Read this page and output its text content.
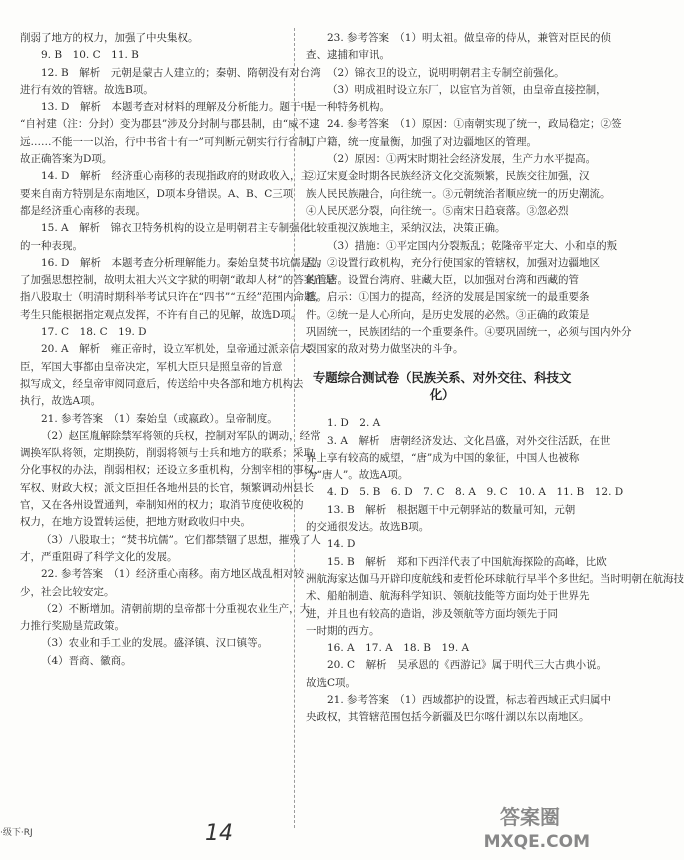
削弱了地方的权力，加强了中央集权。
9. B　10. C　11. B
12. B　解析　元朝是蒙古人建立的；秦朝、隋朝没有对台湾
进行有效的管辖。故选B项。
13. D　解析　本题考查对材料的理解及分析能力。题干中
“自衬建（注：分封）变为郡县”涉及分封制与郡县制，由“威不逮
远……不能一一以治，行中书省十有一”可判断元朝实行行省制，
故正确答案为D项。
14. D　解析　经济重心南移的表现指政府的财政收入，主
要来自南方特别是东南地区，D项本身错误。A、B、C三项
都是经济重心南移的表现。
15. A　解析　锦衣卫特务机构的设立是明朝君主专制强化
的一种表现。
16. D　解析　本题考查分析理解能力。秦始皇焚书坑儒是为
了加强思想控制，故明太祖大兴文字狱的明朝“敢却人材”的答案正是
指八股取士（明清时期科举考试只许在“四书”“五经”范围内命题，
考生只能根据指定观点发挥，不许有自己的见解，故选D项。
17. C　18. C　19. D
20. A　解析　雍正帝时，设立军机处，皇帝通过派亲信大
臣，军国大事都由皇帝决定，军机大臣只是照皇帝的旨意
拟写成文，经皇帝审阅同意后，传送给中央各部和地方机构去
执行，故选A项。
21. 参考答案　（1）秦始皇（或嬴政）。皇帝制度。
（2）赵匡胤解除禁军将领的兵权，控制对军队的调动，经常
调换军队将领，定期换防，削弱将领与士兵和地方的联系；采取
分化事权的办法，削弱相权；还设立多重机构，分割宰相的事权、
军权、财政大权；派文臣担任各地州县的长官，频繁调动州县长
官，又在各州设置通判，牵制知州的权力；取消节度使收税的
权力，在地方设置转运使，把地方财政收归中央。
（3）八股取士；“焚书坑儒”。它们都禁锢了思想，摧残了人
才，严重阻碍了科学文化的发展。
22. 参考答案　（1）经济重心南移。南方地区战乱相对较
少，社会比较安定。
（2）不断增加。清朝前期的皇帝都十分重视农业生产，大
力推行奖励垦荒政策。
（3）农业和手工业的发展。盛泽镇、汉口镇等。
（4）晋商、徽商。
23. 参考答案　（1）明太祖。做皇帝的侍从，兼管对臣民的侦
查、逮捕和审讯。
（2）锦衣卫的设立，说明明朝君主专制空前强化。
（3）明成祖时设立东厂，以宦官为首领，由皇帝直接控制，
是一种特务机构。
24. 参考答案　（1）原因：①南朝实现了统一，政局稳定；②签
订户籍，统一度量衡，加强了对边疆地区的管理。
（2）原因：①两宋时期社会经济发展，生产力水平提高。
②辽宋夏金时期各民族经济文化交流频繁，民族交往加强，汉
族人民民族融合，向往统一。③元朝统治者顺应统一的历史潮流。
④人民厌恶分裂，向往统一。⑤南宋日趋衰落。③忽必烈
比较重视汉族地主，采纳汉法，决策正确。
（3）措施：①平定国内分裂叛乱；乾隆帝平定大、小和卓的叛
乱。②设置行政机构，充分行使国家的管辖权，加强对边疆地区
的管辖。设置台湾府、驻藏大臣，以加强对台湾和西藏的管
辖。启示：①国力的提高，经济的发展是国家统一的最重要条
件。②统一是人心所向，是历史发展的必然。③正确的政策是
巩固统一，民族团结的一个重要条件。④要巩固统一，必须与国内外分
裂国家的敌对势力做坚决的斗争。
专题综合测试卷（民族关系、对外交往、科技文化）
1. D　2. A
3. A　解析　唐朝经济发达、文化昌盛，对外交往活跃，在世
界上享有较高的威望，“唐”成为中国的象征，中国人也被称
为“唐人”。故选A项。
4. D　5. B　6. D　7. C　8. A　9. C　10. A　11. B　12. D
13. B　解析　根据题干中元朝驿站的数量可知，元朝
的交通很发达。故选B项。
14. D
15. B　解析　郑和下西洋代表了中国航海探险的高峰，比欧
洲航海家达伽马开辟印度航线和麦哲伦环球航行早半个多世纪。当时明朝在航海技
术、船舶制造、航海科学知识、领航技能等方面均处于世界先
进，并且也有较高的造诣，涉及领航等方面均领先于同
一时期的西方。
16. A　17. A　18. B　19. A
20. C　解析　吴承恩的《西游记》属于明代三大古典小说。
故选C项。
21. 参考答案　（1）西域都护的设置，标志着西域正式归属中
央政权，其管辖范围包括今新疆及巴尔喀什湖以东以南地区。
·级下·RJ	14
答案圈
MXQE.COM
